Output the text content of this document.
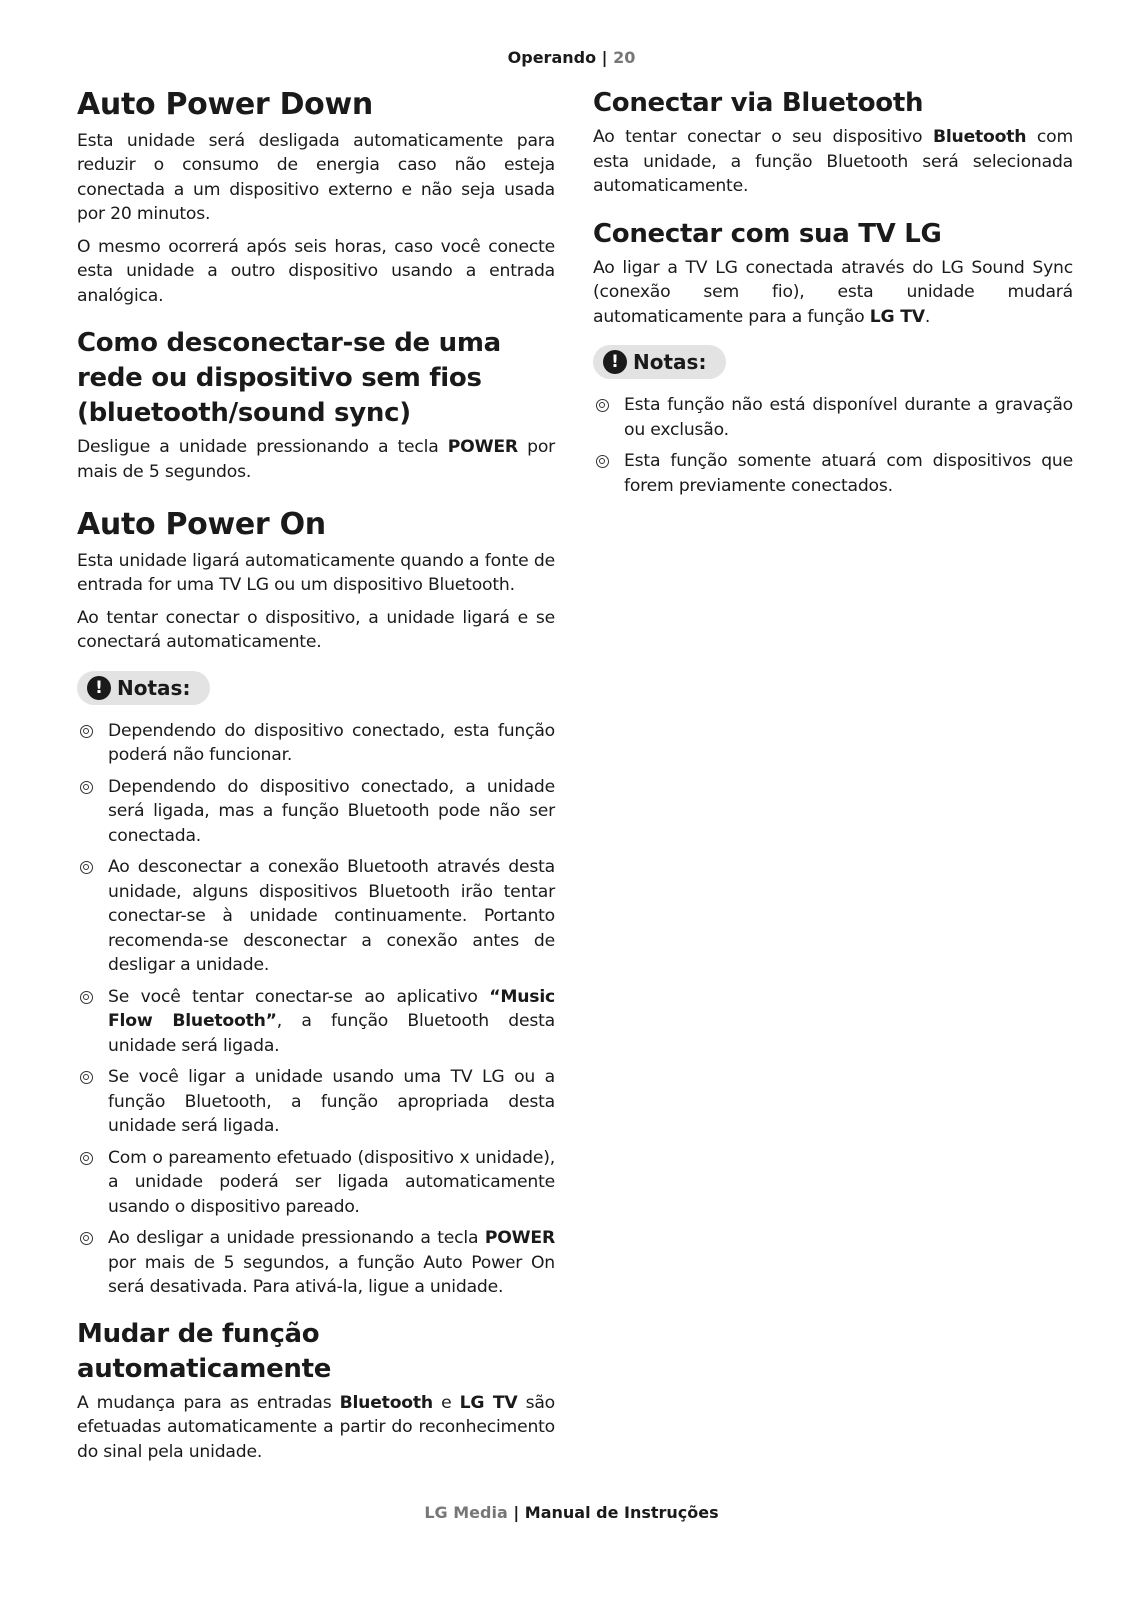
Operando | 20
Auto Power Down

Esta unidade será desligada automaticamente para reduzir o consumo de energia caso não esteja conectada a um dispositivo externo e não seja usada por 20 minutos.

O mesmo ocorrerá após seis horas, caso você conecte esta unidade a outro dispositivo usando a entrada analógica.

Como desconectar-se de uma rede ou dispositivo sem fios (bluetooth/sound sync)

Desligue a unidade pressionando a tecla POWER por mais de 5 segundos.

Auto Power On

Esta unidade ligará automaticamente quando a fonte de entrada for uma TV LG ou um dispositivo Bluetooth.

Ao tentar conectar o dispositivo, a unidade ligará e se conectará automaticamente.

! Notas:
Dependendo do dispositivo conectado, esta função poderá não funcionar.
Dependendo do dispositivo conectado, a unidade será ligada, mas a função Bluetooth pode não ser conectada.
Ao desconectar a conexão Bluetooth através desta unidade, alguns dispositivos Bluetooth irão tentar conectar-se à unidade continuamente. Portanto recomenda-se desconectar a conexão antes de desligar a unidade.
Se você tentar conectar-se ao aplicativo “Music Flow Bluetooth”, a função Bluetooth desta unidade será ligada.
Se você ligar a unidade usando uma TV LG ou a função Bluetooth, a função apropriada desta unidade será ligada.
Com o pareamento efetuado (dispositivo x unidade), a unidade poderá ser ligada automaticamente usando o dispositivo pareado.
Ao desligar a unidade pressionando a tecla POWER por mais de 5 segundos, a função Auto Power On será desativada. Para ativá-la, ligue a unidade.
Mudar de função automaticamente

A mudança para as entradas Bluetooth e LG TV são efetuadas automaticamente a partir do reconhecimento do sinal pela unidade.

Conectar via Bluetooth

Ao tentar conectar o seu dispositivo Bluetooth com esta unidade, a função Bluetooth será selecionada automaticamente.

Conectar com sua TV LG

Ao ligar a TV LG conectada através do LG Sound Sync (conexão sem fio), esta unidade mudará automaticamente para a função LG TV.

! Notas:
Esta função não está disponível durante a gravação ou exclusão.
Esta função somente atuará com dispositivos que forem previamente conectados.
LG Media | Manual de Instruções
